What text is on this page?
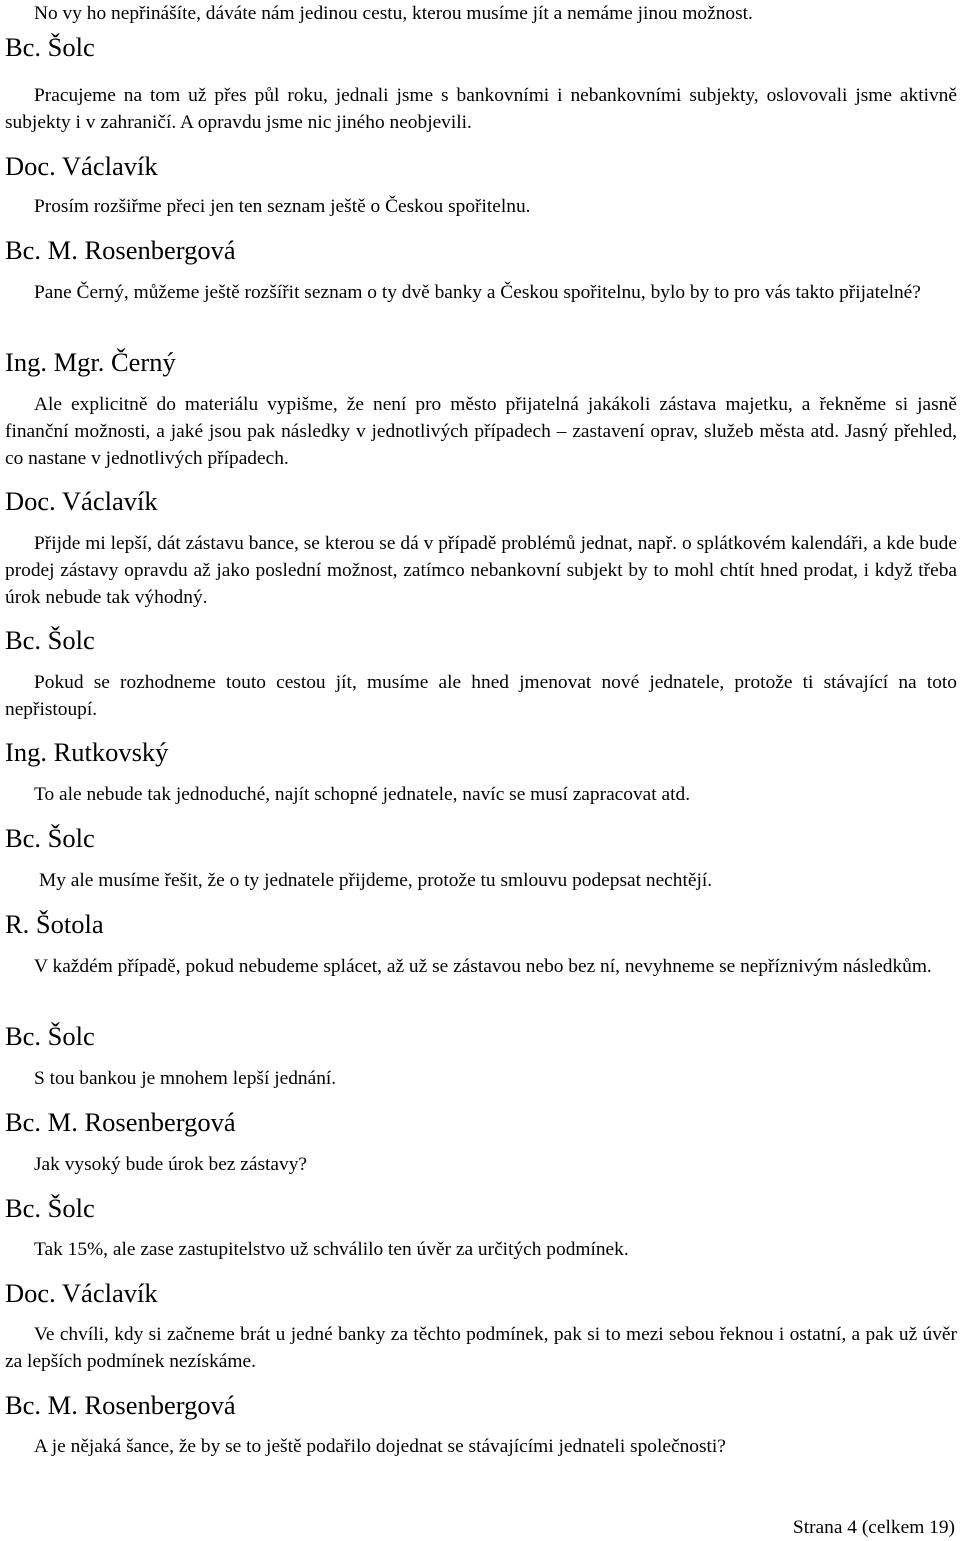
No vy ho nepřinášíte, dáváte nám jedinou cestu, kterou musíme jít a nemáme jinou možnost.
Bc. Šolc
Pracujeme na tom už přes půl roku, jednali jsme s bankovními i nebankovními subjekty, oslovovali jsme aktivně subjekty i v zahraničí. A opravdu jsme nic jiného neobjevili.
Doc. Václavík
Prosím rozšiřme přeci jen ten seznam ještě o Českou spořitelnu.
Bc. M. Rosenbergová
Pane Černý, můžeme ještě rozšířit seznam o ty dvě banky a Českou spořitelnu, bylo by to pro vás takto přijatelné?
Ing. Mgr. Černý
Ale explicitně do materiálu vypišme, že není pro město přijatelná jakákoli zástava majetku, a řekněme si jasně finanční možnosti, a jaké jsou pak následky v jednotlivých případech ‒ zastavení oprav, služeb města atd. Jasný přehled, co nastane v jednotlivých případech.
Doc. Václavík
Přijde mi lepší, dát zástavu bance, se kterou se dá v případě problémů jednat, např. o splátkovém kalendáři, a kde bude prodej zástavy opravdu až jako poslední možnost, zatímco nebankovní subjekt by to mohl chtít hned prodat, i když třeba úrok nebude tak výhodný.
Bc. Šolc
Pokud se rozhodneme touto cestou jít, musíme ale hned jmenovat nové jednatele, protože ti stávající na toto nepřistoupí.
Ing. Rutkovský
To ale nebude tak jednoduché, najít schopné jednatele, navíc se musí zapracovat atd.
Bc. Šolc
My ale musíme řešit, že o ty jednatele přijdeme, protože tu smlouvu podepsat nechtějí.
R. Šotola
V každém případě, pokud nebudeme splácet, až už se zástavou nebo bez ní, nevyhneme se nepříznivým následkům.
Bc. Šolc
S tou bankou je mnohem lepší jednání.
Bc. M. Rosenbergová
Jak vysoký bude úrok bez zástavy?
Bc. Šolc
Tak 15%, ale zase zastupitelstvo už schválilo ten úvěr za určitých podmínek.
Doc. Václavík
Ve chvíli, kdy si začneme brát u jedné banky za těchto podmínek, pak si to mezi sebou řeknou i ostatní, a pak už úvěr za lepších podmínek nezískáme.
Bc. M. Rosenbergová
A je nějaká šance, že by se to ještě podařilo dojednat se stávajícími jednateli společnosti?
Strana 4 (celkem 19)
